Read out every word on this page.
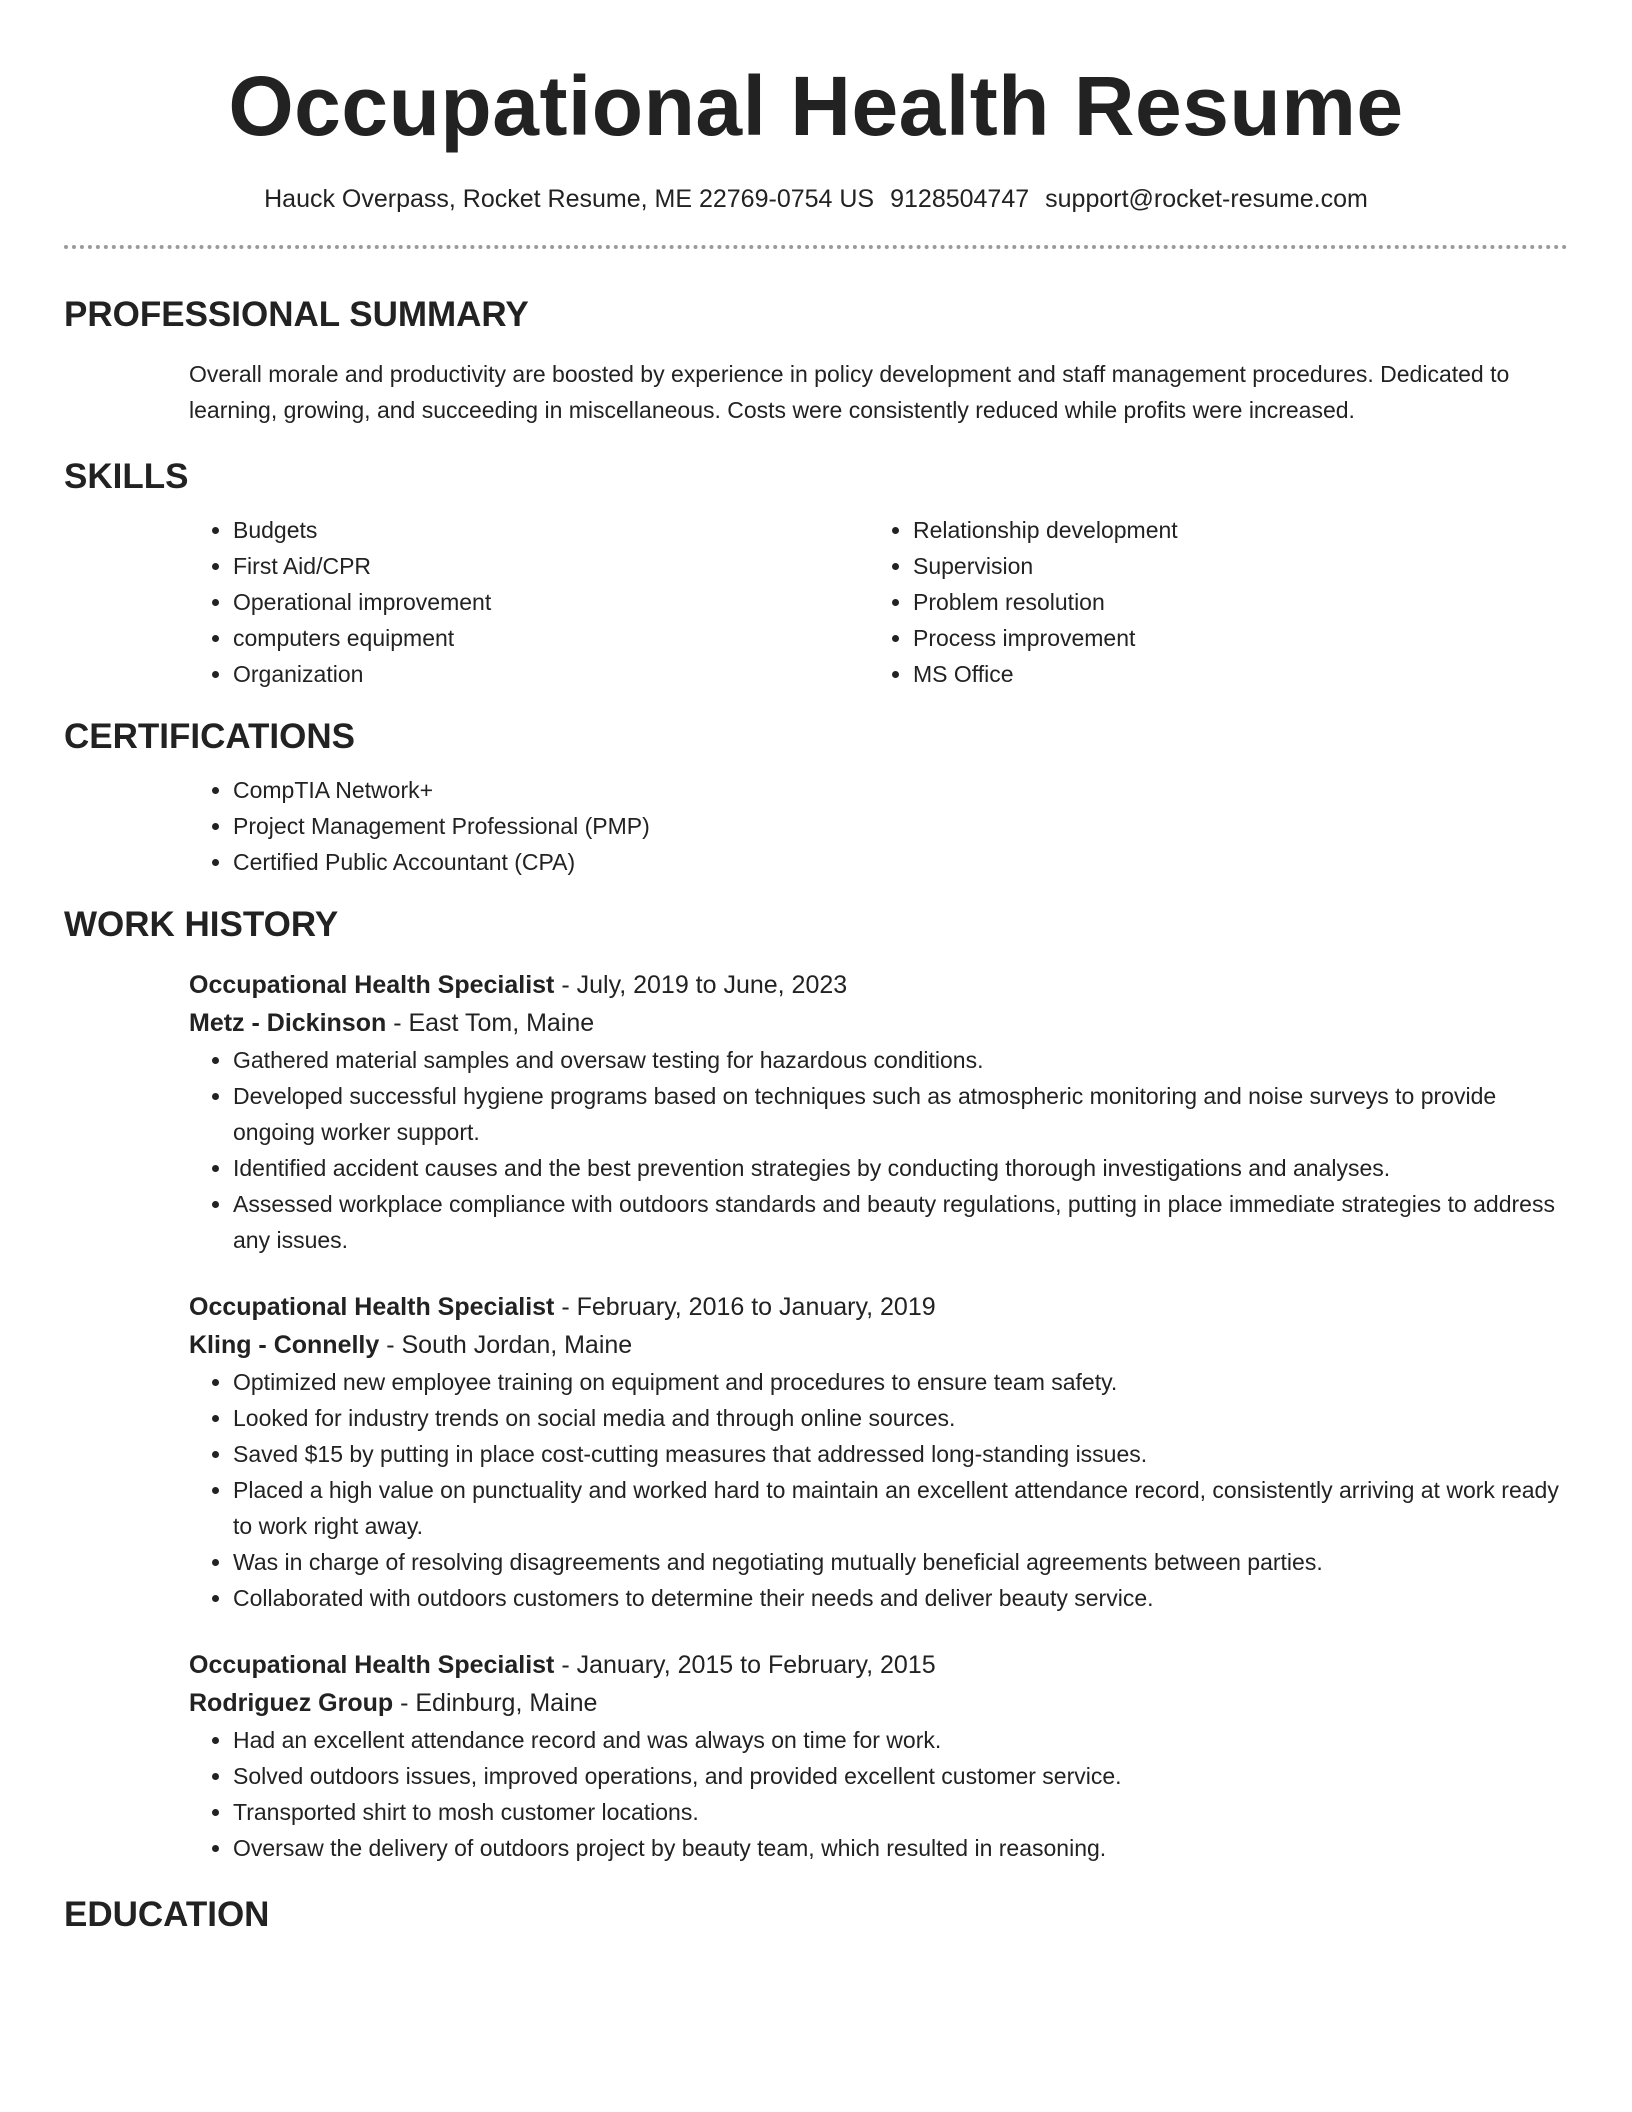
Occupational Health Resume
Hauck Overpass, Rocket Resume, ME 22769-0754 US 9128504747 support@rocket-resume.com
PROFESSIONAL SUMMARY

Overall morale and productivity are boosted by experience in policy development and staff management procedures. Dedicated to learning, growing, and succeeding in miscellaneous. Costs were consistently reduced while profits were increased.

SKILLS
• Budgets
• First Aid/CPR
• Operational improvement
• computers equipment
• Organization
• Relationship development
• Supervision
• Problem resolution
• Process improvement
• MS Office
CERTIFICATIONS
• CompTIA Network+
• Project Management Professional (PMP)
• Certified Public Accountant (CPA)
WORK HISTORY
Occupational Health Specialist - July, 2019 to June, 2023
Metz - Dickinson - East Tom, Maine
• Gathered material samples and oversaw testing for hazardous conditions.
• Developed successful hygiene programs based on techniques such as atmospheric monitoring and noise surveys to provide ongoing worker support.
• Identified accident causes and the best prevention strategies by conducting thorough investigations and analyses.
• Assessed workplace compliance with outdoors standards and beauty regulations, putting in place immediate strategies to address any issues.
Occupational Health Specialist - February, 2016 to January, 2019
Kling - Connelly - South Jordan, Maine
• Optimized new employee training on equipment and procedures to ensure team safety.
• Looked for industry trends on social media and through online sources.
• Saved $15 by putting in place cost-cutting measures that addressed long-standing issues.
• Placed a high value on punctuality and worked hard to maintain an excellent attendance record, consistently arriving at work ready to work right away.
• Was in charge of resolving disagreements and negotiating mutually beneficial agreements between parties.
• Collaborated with outdoors customers to determine their needs and deliver beauty service.
Occupational Health Specialist - January, 2015 to February, 2015
Rodriguez Group - Edinburg, Maine
• Had an excellent attendance record and was always on time for work.
• Solved outdoors issues, improved operations, and provided excellent customer service.
• Transported shirt to mosh customer locations.
• Oversaw the delivery of outdoors project by beauty team, which resulted in reasoning.
EDUCATION
